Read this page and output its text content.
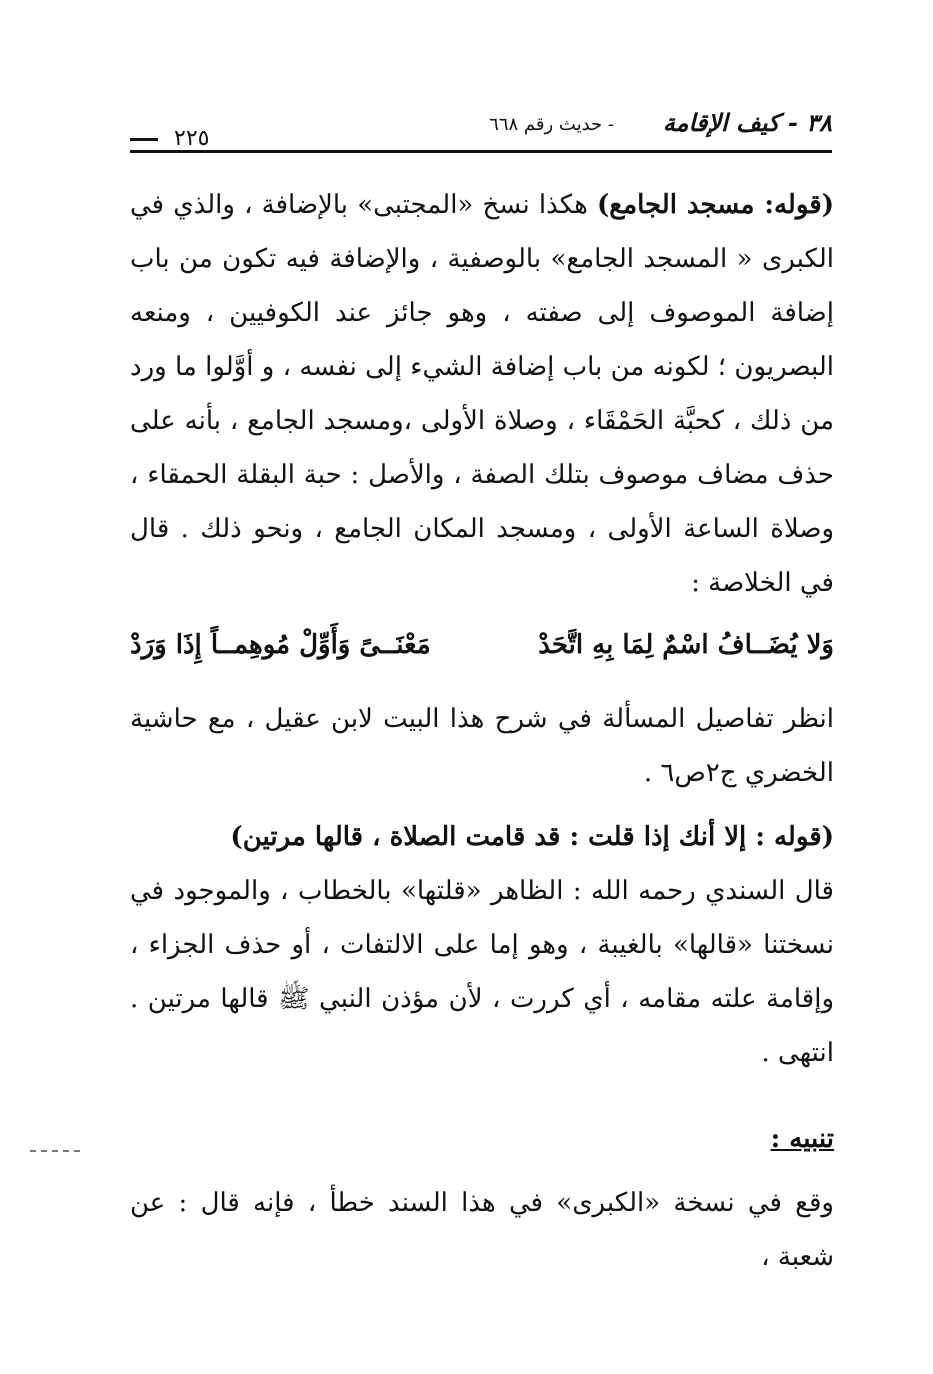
٣٨ - كيف الإقامة
- حديث رقم ٦٦٨
٢٢٥

(قوله: مسجد الجامع) هكذا نسخ «المجتبى» بالإضافة ، والذي في الكبرى « المسجد الجامع» بالوصفية ، والإضافة فيه تكون من باب إضافة الموصوف إلى صفته ، وهو جائز عند الكوفيين ، ومنعه البصريون ؛ لكونه من باب إضافة الشيء إلى نفسه ، و أوَّلوا ما ورد من ذلك ، كحبَّة الحَمْقَاء ، وصلاة الأولى ،ومسجد الجامع ، بأنه على حذف مضاف موصوف بتلك الصفة ، والأصل : حبة البقلة الحمقاء ، وصلاة الساعة الأولى ، ومسجد المكان الجامع ، ونحو ذلك . قال في الخلاصة :

وَلا يُضَــافُ اسْمٌ لِمَا بِهِ اتَّحَدْ
مَعْنَــىً وَأَوِّلْ مُوهِمــاً إِذَا وَرَدْ

انظر تفاصيل المسألة في شرح هذا البيت لابن عقيل ، مع حاشية الخضري ج٢ص٦ .

(قوله : إلا أنك إذا قلت : قد قامت الصلاة ، قالها مرتين)
قال السندي رحمه الله : الظاهر «قلتها» بالخطاب ، والموجود في نسختنا «قالها» بالغيبة ، وهو إما على الالتفات ، أو حذف الجزاء ، وإقامة علته مقامه ، أي كررت ، لأن مؤذن النبي ﷺ قالها مرتين . انتهى .

تنبيه :

وقع في نسخة «الكبرى» في هذا السند خطأ ، فإنه قال : عن شعبة ،
